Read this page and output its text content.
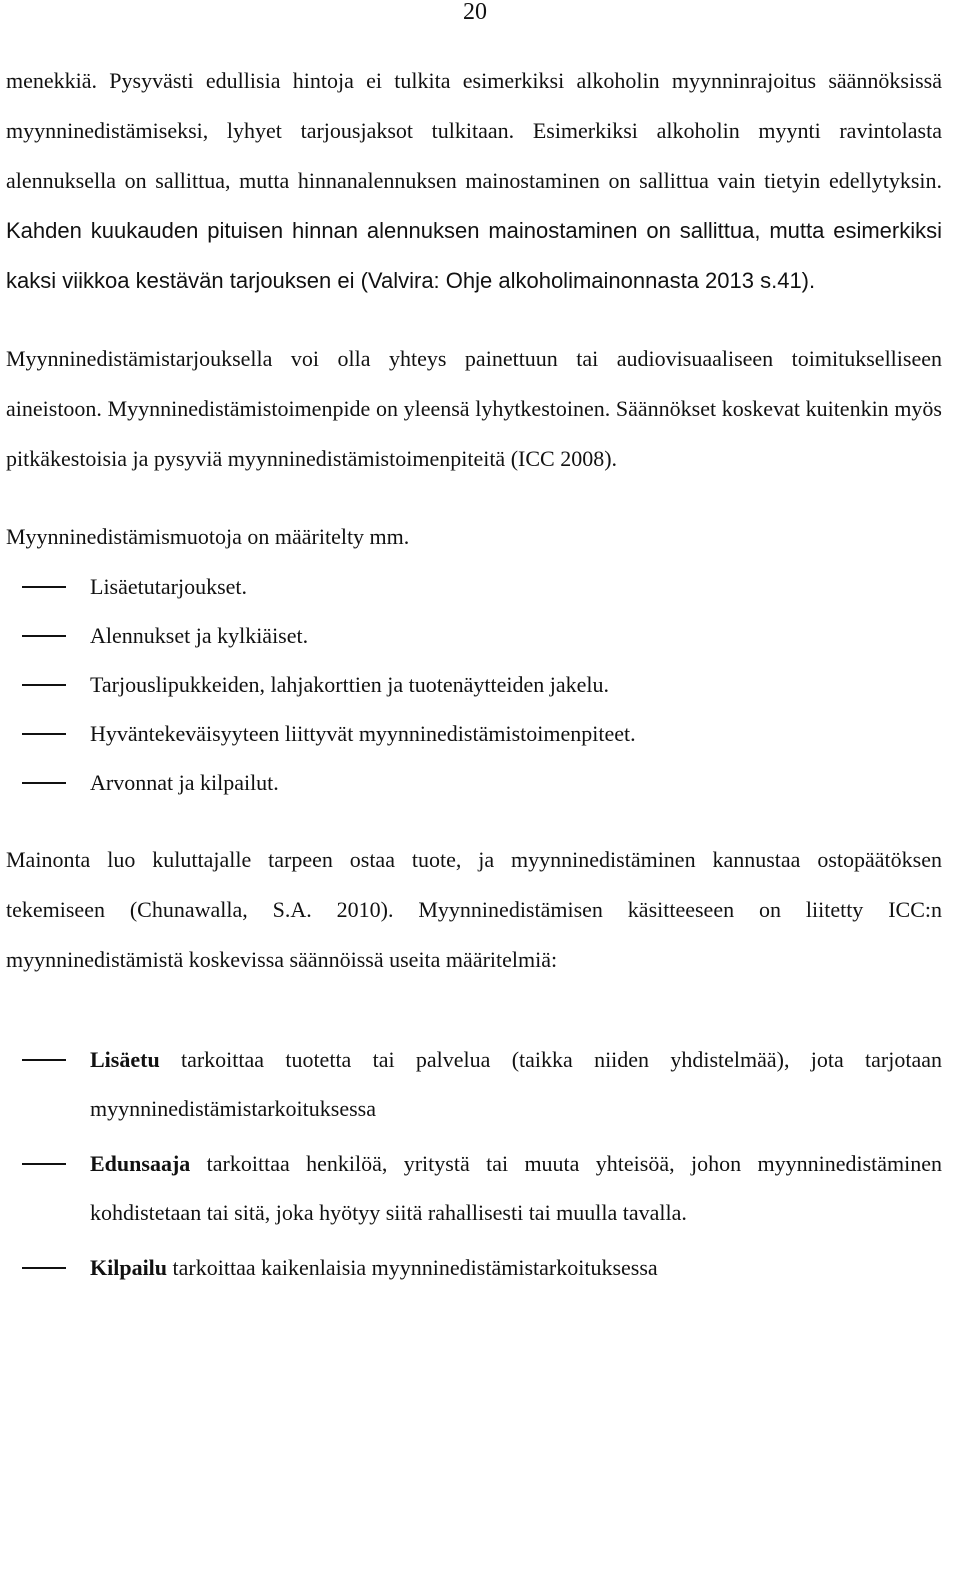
20

menekkiä. Pysyvästi edullisia hintoja ei tulkita esimerkiksi alkoholin myynninrajoitus säännöksissä myynninedistämiseksi, lyhyet tarjousjaksot tulkitaan. Esimerkiksi alkoholin myynti ravintolasta alennuksella on sallittua, mutta hinnanalennuksen mainostaminen on sallittua vain tietyin edellytyksin. Kahden kuukauden pituisen hinnan alennuksen mainostaminen on sallittua, mutta esimerkiksi kaksi viikkoa kestävän tarjouksen ei (Valvira: Ohje alkoholimainonnasta 2013 s.41).

Myynninedistämistarjouksella voi olla yhteys painettuun tai audiovisuaaliseen toimitukselliseen aineistoon. Myynninedistämistoimenpide on yleensä lyhytkestoinen. Säännökset koskevat kuitenkin myös pitkäkestoisia ja pysyviä myynninedistämistoimenpiteitä (ICC 2008).

Myynninedistämismuotoja on määritelty mm.

Lisäetutarjoukset.
Alennukset ja kylkiäiset.
Tarjouslipukkeiden, lahjakorttien ja tuotenäytteiden jakelu.
Hyväntekeväisyyteen liittyvät myynninedistämistoimenpiteet.
Arvonnat ja kilpailut.

Mainonta luo kuluttajalle tarpeen ostaa tuote, ja myynninedistäminen kannustaa ostopäätöksen tekemiseen (Chunawalla, S.A. 2010). Myynninedistämisen käsitteeseen on liitetty ICC:n myynninedistämistä koskevissa säännöissä useita määritelmiä:

Lisäetu tarkoittaa tuotetta tai palvelua (taikka niiden yhdistelmää), jota tarjotaan myynninedistämistarkoituksessa
Edunsaaja tarkoittaa henkilöä, yritystä tai muuta yhteisöä, johon myynninedistäminen kohdistetaan tai sitä, joka hyötyy siitä rahallisesti tai muulla tavalla.
Kilpailu tarkoittaa kaikenlaisia myynninedistämistarkoituksessa
